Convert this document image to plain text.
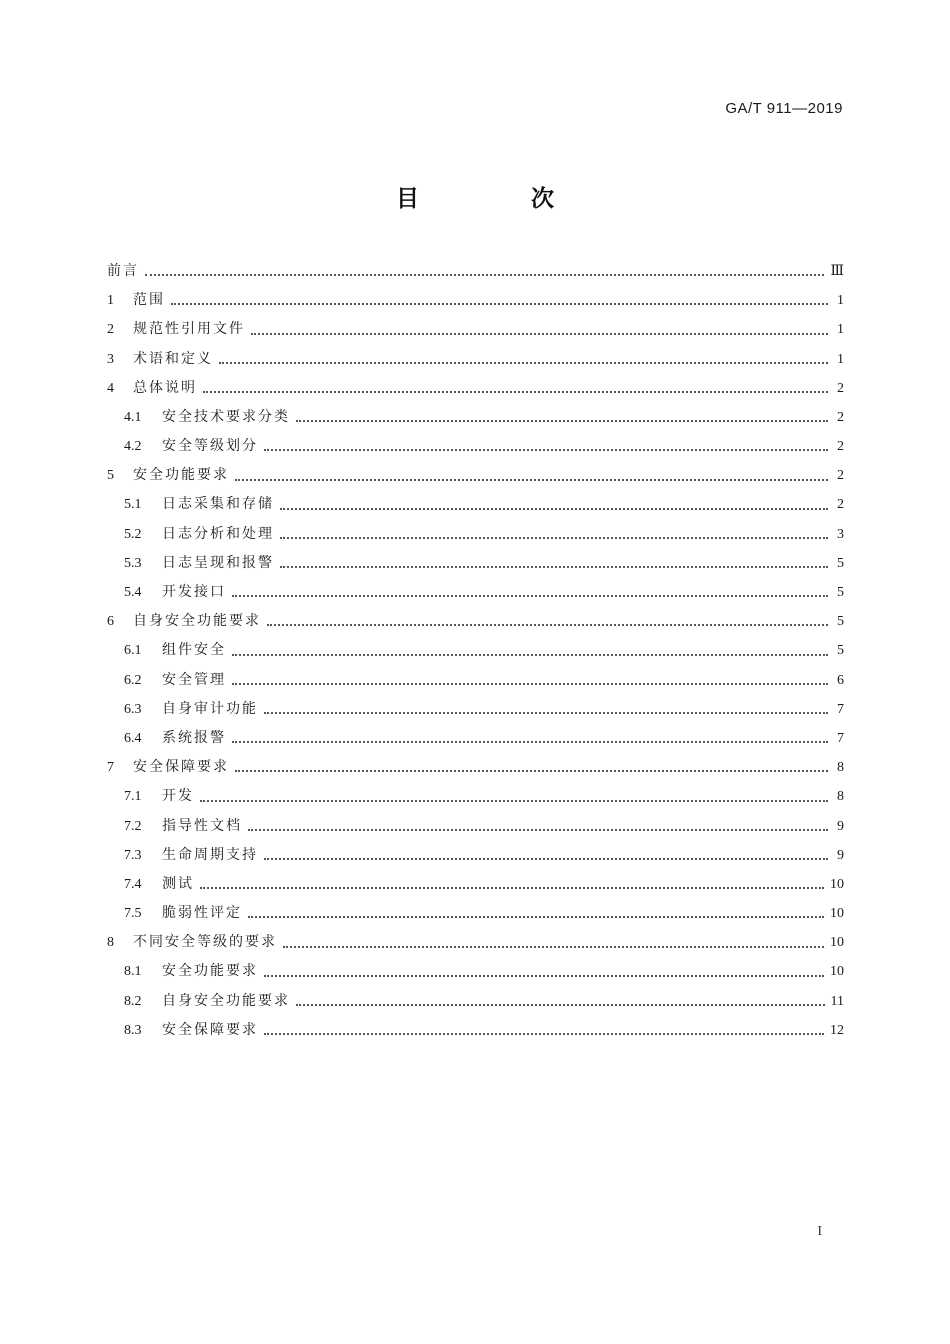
GA/T 911—2019
目 次
前言	Ⅲ
1	范围	1
2	规范性引用文件	1
3	术语和定义	1
4	总体说明	2
4.1	安全技术要求分类	2
4.2	安全等级划分	2
5	安全功能要求	2
5.1	日志采集和存储	2
5.2	日志分析和处理	3
5.3	日志呈现和报警	5
5.4	开发接口	5
6	自身安全功能要求	5
6.1	组件安全	5
6.2	安全管理	6
6.3	自身审计功能	7
6.4	系统报警	7
7	安全保障要求	8
7.1	开发	8
7.2	指导性文档	9
7.3	生命周期支持	9
7.4	测试	10
7.5	脆弱性评定	10
8	不同安全等级的要求	10
8.1	安全功能要求	10
8.2	自身安全功能要求	11
8.3	安全保障要求	12
I
